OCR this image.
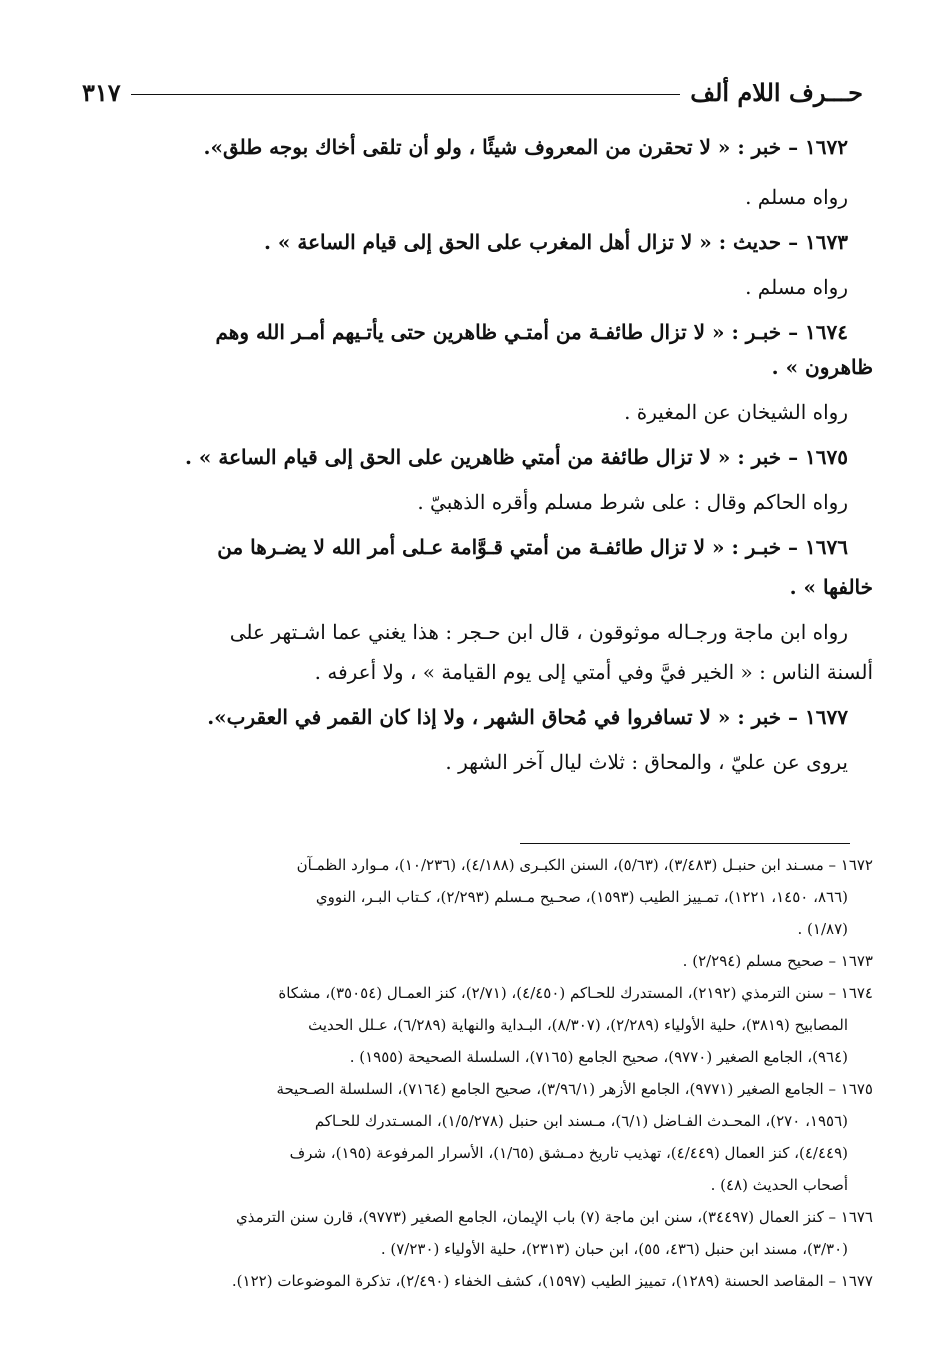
حـــرف اللام ألف
٣١٧

١٦٧٢ – خبر : « لا تحقرن من المعروف شيئًا ، ولو أن تلقى أخاك بوجه طلق».

رواه مسلم .

١٦٧٣ – حديث : « لا تزال أهل المغرب على الحق إلى قيام الساعة » .

رواه مسلم .

١٦٧٤ – خبـر : « لا تزال طائفـة من أمتـي ظاهرين حتى يأتـيهم أمـر الله وهم

ظاهرون » .

رواه الشيخان عن المغيرة .

١٦٧٥ – خبر : « لا تزال طائفة من أمتي ظاهرين على الحق إلى قيام الساعة » .

رواه الحاكم وقال : على شرط مسلم وأقره الذهبيّ .

١٦٧٦ – خبـر : « لا تزال طائفـة من أمتي قـوَّامة عـلى أمر الله لا يضـرها من

خالفها » .

رواه ابن ماجة ورجـاله موثوقون ، قال ابن حـجر : هذا يغني عما اشـتهر على

ألسنة الناس : « الخير فيَّ وفي أمتي إلى يوم القيامة » ، ولا أعرفه .

١٦٧٧ – خبر : « لا تسافروا في مُحاق الشهر ، ولا إذا كان القمر في العقرب».

يروى عن عليّ ، والمحاق : ثلاث ليال آخر الشهر .

١٦٧٢ – مسـند ابن حنبـل (٣/٤٨٣)، (٥/٦٣)، السنن الكبـرى (٤/١٨٨)، (١٠/٢٣٦)، مـوارد الظمـآن

(٨٦٦، ١٤٥٠، ١٢٢١)، تمـييز الطيب (١٥٩٣)، صحـيح مـسلم (٢/٢٩٣)، كـتاب البـر، النووي

(١/٨٧) .

١٦٧٣ – صحيح مسلم (٢/٢٩٤) .

١٦٧٤ – سنن الترمذي (٢١٩٢)، المستدرك للحـاكم (٤/٤٥٠)، (٢/٧١)، كنز العمـال (٣٥٠٥٤)، مشكاة

المصابيح (٣٨١٩)، حلية الأولياء (٢/٢٨٩)، (٨/٣٠٧)، البـداية والنهاية (٦/٢٨٩)، عـلل الحديث

(٩٦٤)، الجامع الصغير (٩٧٧٠)، صحيح الجامع (٧١٦٥)، السلسلة الصحيحة (١٩٥٥) .

١٦٧٥ – الجامع الصغير (٩٧٧١)، الجامع الأزهر (٣/٩٦/١)، صحيح الجامع (٧١٦٤)، السلسلة الصـحيحة

(١٩٥٦، ٢٧٠)، المحـدث الفـاضل (٦/١)، مـسند ابن حنبل (١/٥/٢٧٨)، المسـتدرك للحـاكم

(٤/٤٤٩)، كنز العمال (٤/٤٤٩)، تهذيب تاريخ دمـشق (١/٦٥)، الأسرار المرفوعة (١٩٥)، شرف

أصحاب الحديث (٤٨) .

١٦٧٦ – كنز العمال (٣٤٤٩٧)، سنن ابن ماجة (٧) باب الإيمان، الجامع الصغير (٩٧٧٣)، قارن سنن الترمذي

(٣/٣٠)، مسند ابن حنبل (٤٣٦، ٥٥)، ابن حبان (٢٣١٣)، حلية الأولياء (٧/٢٣٠) .

١٦٧٧ – المقاصد الحسنة (١٢٨٩)، تمييز الطيب (١٥٩٧)، كشف الخفاء (٢/٤٩٠)، تذكرة الموضوعات (١٢٢).
